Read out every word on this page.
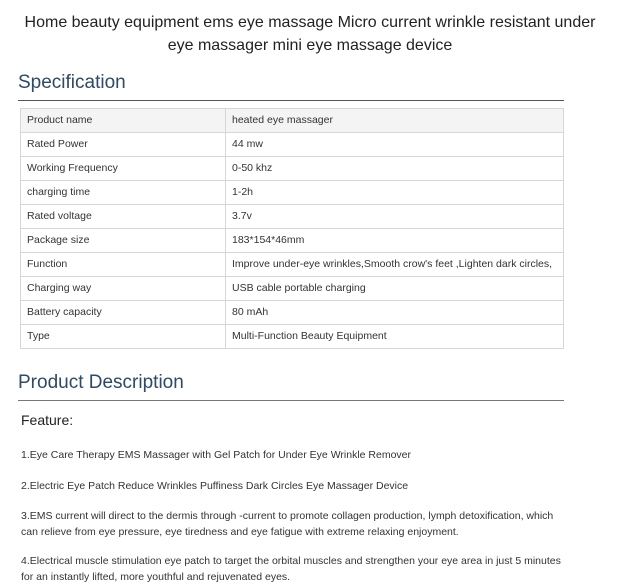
Home beauty equipment ems eye massage Micro current wrinkle resistant under eye massager mini eye massage device
Specification
Product name	heated eye massager
Rated Power	44 mw
Working Frequency	0-50 khz
charging time	1-2h
Rated voltage	3.7v
Package size	183*154*46mm
Function	Improve under-eye wrinkles,Smooth crow's feet ,Lighten dark circles,
Charging way	USB cable portable charging
Battery capacity	80 mAh
Type	Multi-Function Beauty Equipment
Product Description
Feature:
1.Eye Care Therapy EMS Massager with Gel Patch for Under Eye Wrinkle Remover
2.Electric Eye Patch Reduce Wrinkles Puffiness Dark Circles Eye Massager Device
3.EMS current will direct to the dermis through -current to promote collagen production, lymph detoxification, which can relieve from eye pressure, eye tiredness and eye fatigue with extreme relaxing enjoyment.
4.Electrical muscle stimulation eye patch to target the orbital muscles and strengthen your eye area in just 5 minutes for an instantly lifted, more youthful and rejuvenated eyes.
